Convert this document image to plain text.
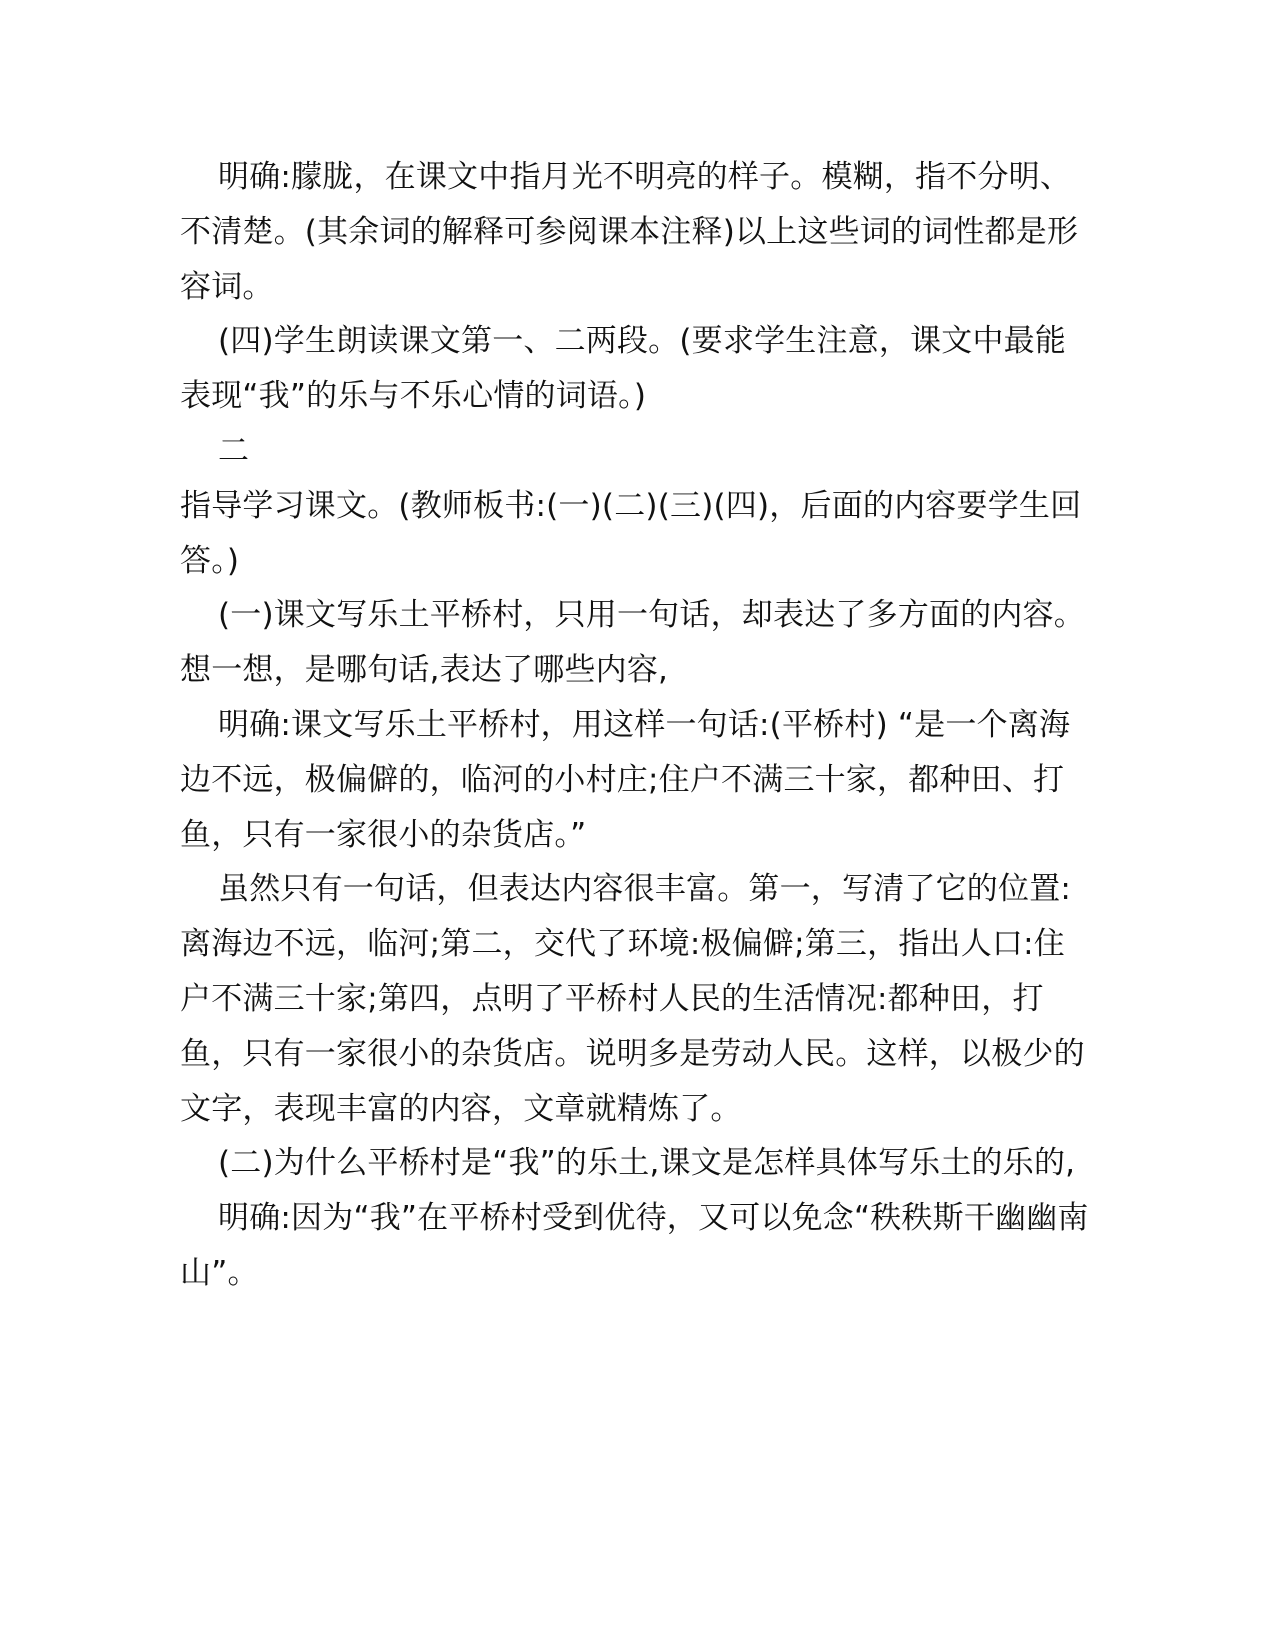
明确:朦胧，在课文中指月光不明亮的样子。模糊，指不分明、不清楚。(其余词的解释可参阅课本注释)以上这些词的词性都是形容词。

(四)学生朗读课文第一、二两段。(要求学生注意，课文中最能表现“我”的乐与不乐心情的词语。)

二

指导学习课文。(教师板书:(一)(二)(三)(四)，后面的内容要学生回答。)

(一)课文写乐土平桥村，只用一句话，却表达了多方面的内容。想一想，是哪句话,表达了哪些内容,

明确:课文写乐土平桥村，用这样一句话:(平桥村) “是一个离海边不远，极偏僻的，临河的小村庄;住户不满三十家，都种田、打鱼，只有一家很小的杂货店。”

虽然只有一句话，但表达内容很丰富。第一，写清了它的位置:离海边不远，临河;第二，交代了环境:极偏僻;第三，指出人口:住户不满三十家;第四，点明了平桥村人民的生活情况:都种田，打鱼，只有一家很小的杂货店。说明多是劳动人民。这样，以极少的文字，表现丰富的内容，文章就精炼了。

(二)为什么平桥村是“我”的乐土,课文是怎样具体写乐土的乐的,

明确:因为“我”在平桥村受到优待，又可以免念“秩秩斯干幽幽南山”。
